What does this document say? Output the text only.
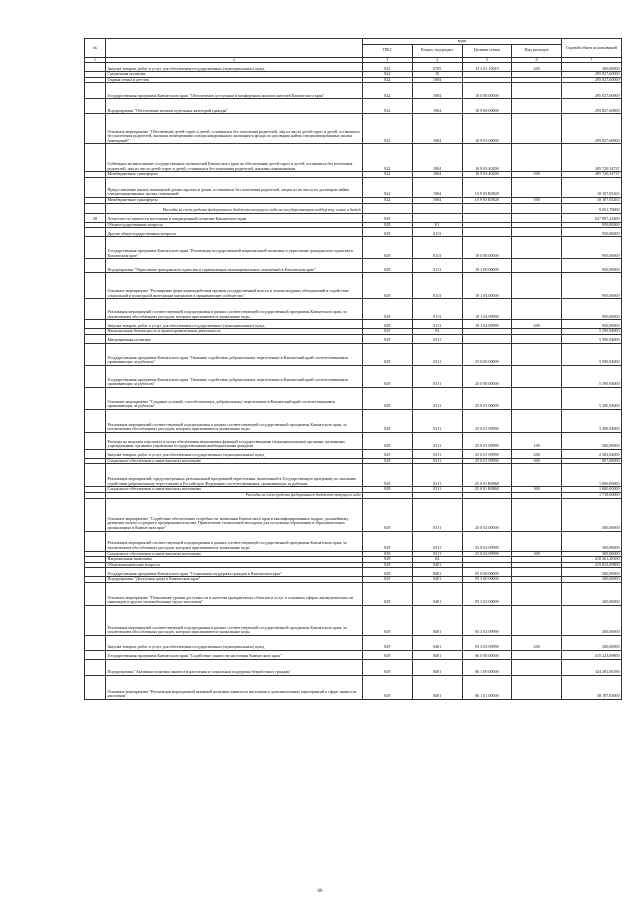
№		коды				Годовой объем ассигнований
		ГРБС	Раздел, под-раздел	Целевая статья	Вид расходов	
1	2	3	4	5	6	7
	Закупка товаров, работ и услуг для обеспечения государственных (муниципальных) нужд	822	0705	13 2 01 10010	200	300,00000
	Социальная политика	822	10			295 827,60000
	Охрана семьи и детства	822	1004			295 827,60000
	Государственная программа Камчатского края "Обеспечение доступным и комфортным жильем жителей Камчатского края"	822	1004	10 0 00 00000		295 827,60000
	Подпрограмма "Обеспечение жильем отдельных категорий граждан"	822	1004	10 9 00 00000		295 827,60000
	Основное мероприятие "Обеспечение детей-сирот и детей, оставшихся без попечения родителей, лиц из числа детей-сирот и детей, оставшихся без попечения родителей, жилыми помещениями специализированного жилищного фонда по договорам найма специализированных жилых помещений"	822	1004	10 9 03 00000		295 827,60000
	Субвенции на выполнение государственных полномочий Камчатского края по обеспечению детей-сирот и детей, оставшихся без попечения родителей, лиц из числа детей-сирот и детей, оставшихся без попечения родителей, жилыми помещениями	822	1004	10 9 03 40290		285 720,54737
	Межбюджетные трансферты	822	1004	10 9 03 40290	500	285 720,54737
	Предоставление жилых помещений детям-сиротам и детям, оставшимся без попечения родителей, лицам из их числа по договорам найма специализированных жилых помещений	822	1004	10 9 03 R0820		10 107,05263
	Межбюджетные трансферты	822	1004	10 9 03 R0820	500	10 107,05263
	Расходы за счет средств федерального бюджета текущего года на государственную поддержку семьи и детей					9 601,70000
28	Агентство по занятости населения и миграционной политике Камчатского края	829				627 897,22400
	Общегосударственные вопросы	829	01			950,00000
	Другие общегосударственные вопросы	829	0113			950,00000
	Государственная программа Камчатского края "Реализация государственной национальной политики и укрепление гражданского единства в Камчатском крае"	829	0113	19 0 00 00000		950,00000
	Подпрограмма "Укрепление гражданского единства и гармонизация межнациональных отношений в Камчатском крае"	829	0113	19 1 00 00000		950,00000
	Основное мероприятие "Расширение форм взаимодействия органов государственной власти и этнокультурных объединений и содействие социальной и культурной интеграции мигрантов в принимающее сообщество"	829	0113	19 1 04 00000		950,00000
	Реализация мероприятий соответствующей подпрограммы в рамках соответствующей государственной программы Камчатского края, за исключением обособленных расходов, которым присваиваются уникальные коды	829	0113	19 1 04 09990		950,00000
	Закупка товаров, работ и услуг для обеспечения государственных (муниципальных) нужд	829	0113	19 1 04 09990	200	950,00000
	Национальная безопасность и правоохранительная деятельность	829	03			5 590,94000
	Миграционная политика	829	0311			5 590,94000
	Государственная программа Камчатского края "Оказание содействия добровольному переселению в Камчатский край соотечественников, проживающих за рубежом"	829	0311	25 0 00 00000		5 590,94000
	Государственная программа Камчатского края "Оказание содействия добровольному переселению в Камчатский край соотечественников, проживающих за рубежом"	829	0311	25 0 00 00000		5 590,94000
	Основное мероприятие "Создание условий, способствующих добровольному переселению в Камчатский край соотечественников, проживающих за рубежом"	829	0311	25 0 01 00000		5 290,94000
	Реализация мероприятий соответствующей подпрограммы в рамках соответствующей государственной программы Камчатского края, за исключением обособленных расходов, которым присваиваются уникальные коды	829	0311	25 0 01 09990		3 490,94000
	Расходы на выплаты персоналу в целях обеспечения выполнения функций государственными (муниципальными) органами, казенными учреждениями, органами управления государственными внебюджетными фондами	829	0311	25 0 01 09990	100	200,00000
	Закупка товаров, работ и услуг для обеспечения государственных (муниципальных) нужд	829	0311	25 0 01 09990	200	2 383,94000
	Социальное обеспечение и иные выплаты населению	829	0311	25 0 01 09990	300	907,00000
	Реализация мероприятий, предусмотренных региональной программой переселения, включенной в Государственную программу по оказанию содействия добровольному переселению в Российскую Федерацию соотечественников, проживающих за рубежом	829	0311	25 0 01 R0860		1 800,00000
	Социальное обеспечение и иные выплаты населению	829	0311	25 0 01 R0860	300	1 800,00000
	Расходы за счет средств федерального бюджета текущего года					1 718,60000
	Основное мероприятие "Содействие обеспечению потребности экономики Камчатского края в квалифицированных кадрах, дальнейшему развитию малого и среднего предпринимательства. Привлечение талантливой молодежи для получения образования в образовательных организациях в Камчатском крае"	829	0311	25 0 02 00000		300,00000
	Реализация мероприятий соответствующей подпрограммы в рамках соответствующей государственной программы Камчатского края, за исключением обособленных расходов, которым присваиваются уникальные коды	829	0311	25 0 02 09990		300,00000
	Социальное обеспечение и иные выплаты населению	829	0311	25 0 02 09990	300	300,00000
	Национальная экономика	829	04			418 261,28100
	Общеэкономические вопросы	829	0401			415 823,09800
	Государственная программа Камчатского края "Социальная поддержка граждан в Камчатском крае"	829	0401	05 0 00 00000		200,00000
	Подпрограмма "Доступная среда в Камчатском крае"	829	0401	05 3 00 00000		200,00000
	Основное мероприятие "Повышение уровня доступности и качества приоритетных объектов и услуг в основных сферах жизнедеятельности инвалидов и других маломобильных групп населения"	829	0401	05 3 02 00000		200,00000
	Реализация мероприятий соответствующей подпрограммы в рамках соответствующей государственной программы Камчатского края, за исключением обособленных расходов, которым присваиваются уникальные коды	829	0401	05 3 02 09990		200,00000
	Закупка товаров, работ и услуг для обеспечения государственных (муниципальных) нужд	829	0401	05 3 02 09990	200	200,00000
	Государственная программа Камчатского края "Содействие занятости населения Камчатского края"	829	0401	06 0 00 00000		415 223,09800
	Подпрограмма "Активная политика занятости населения и социальная поддержка безработных граждан"	829	0401	06 1 00 00000		324 281,06190
	Основное мероприятие "Реализация мероприятий активной политики занятости населения и дополнительных мероприятий в сфере занятости населения"	829	0401	06 1 01 00000		38 197,83000
66
